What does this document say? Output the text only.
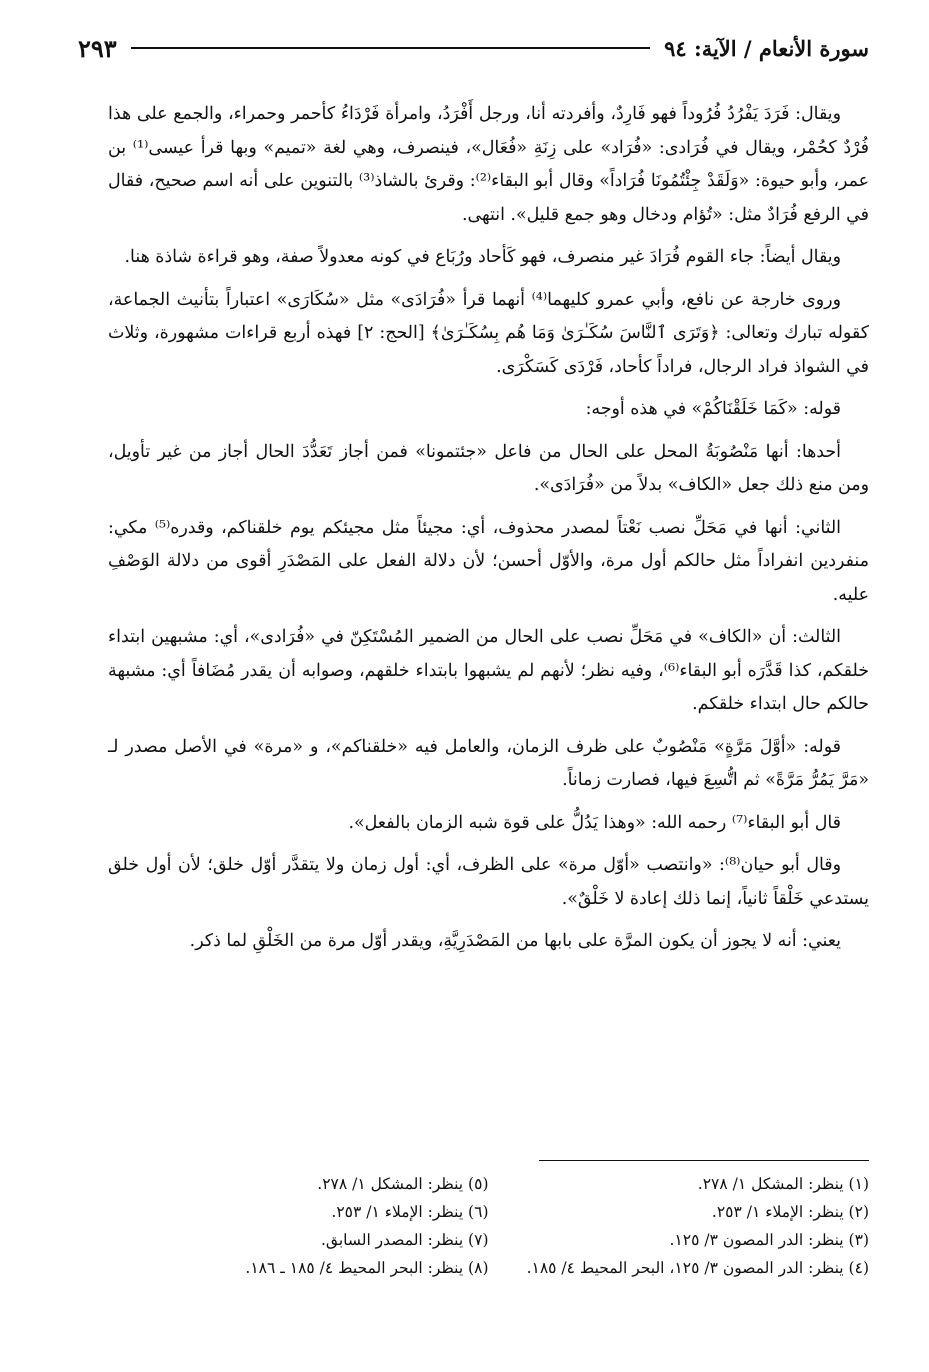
سورة الأنعام / الآية: ٩٤
٢٩٣

ويقال: فَرَدَ يَفْرُدُ فُرُوداً فهو فَارِدٌ، وأفردته أنا، ورجل أَفْرَدُ، وامرأة فَرْدَاءُ كأحمر وحمراء، والجمع على هذا فُرْدٌ كحُمْر، ويقال في فُرَادى: «فُرَاد» على زِنَةِ «فُعَال»، فينصرف، وهي لغة «تميم» وبها قرأ عيسى⁽¹⁾ بن عمر، وأبو حيوة: «وَلَقَدْ جِئْتُمُونَا فُرَاداً» وقال أبو البقاء⁽²⁾: وقرئ بالشاذ⁽³⁾ بالتنوين على أنه اسم صحيح، فقال في الرفع فُرَادٌ مثل: «تُؤام ودخال وهو جمع قليل». انتهى.

ويقال أيضاً: جاء القوم فُرَادَ غير منصرف، فهو كَأحاد ورُبَاع في كونه معدولاً صفة، وهو قراءة شاذة هنا.

وروى خارجة عن نافع، وأبي عمرو كليهما⁽⁴⁾ أنهما قرأ «فُرَادَى» مثل «سُكَارَى» اعتباراً بتأنيث الجماعة، كقوله تبارك وتعالى: ﴿وَتَرَى ٱلنَّاسَ سُكَـٰرَىٰ وَمَا هُم بِسُكَـٰرَىٰ﴾ [الحج: ٢] فهذه أربع قراءات مشهورة، وثلاث في الشواذ فراد الرجال، فراداً كأحاد، فَرْدَى كَسَكْرَى.

قوله: «كَمَا خَلَقْنَاكُمْ» في هذه أوجه:

أحدها: أنها مَنْصُوبَةُ المحل على الحال من فاعل «جئتمونا» فمن أجاز تَعَدُّدَ الحال أجاز من غير تأويل، ومن منع ذلك جعل «الكاف» بدلاً من «فُرَادَى».

الثاني: أنها في مَحَلِّ نصب نَعْتاً لمصدر محذوف، أي: مجيئاً مثل مجيئكم يوم خلقناكم، وقدره⁽⁵⁾ مكي: منفردين انفراداً مثل حالكم أول مرة، والأوّل أحسن؛ لأن دلالة الفعل على المَصْدَرِ أقوى من دلالة الوَصْفِ عليه.

الثالث: أن «الكاف» في مَحَلِّ نصب على الحال من الضمير المُسْتَكِنّ في «فُرَادى»، أي: مشبهين ابتداء خلقكم، كذا قَدَّرَه أبو البقاء⁽⁶⁾، وفيه نظر؛ لأنهم لم يشبهوا بابتداء خلقهم، وصوابه أن يقدر مُضَافاً أي: مشبهة حالكم حال ابتداء خلقكم.

قوله: «أوَّلَ مَرَّةٍ» مَنْصُوبٌ على ظرف الزمان، والعامل فيه «خلقناكم»، و «مرة» في الأصل مصدر لـ «مَرَّ يَمُرُّ مَرَّةً» ثم اتُّسِعَ فيها، فصارت زماناً.

قال أبو البقاء⁽⁷⁾ رحمه الله: «وهذا يَدُلُّ على قوة شبه الزمان بالفعل».

وقال أبو حيان⁽⁸⁾: «وانتصب «أوّل مرة» على الظرف، أي: أول زمان ولا يتقدَّر أوّل خلق؛ لأن أول خلق يستدعي خَلْقاً ثانياً، إنما ذلك إعادة لا خَلْقٌ».

يعني: أنه لا يجوز أن يكون المرَّة على بابها من المَصْدَرِيَّةِ، ويقدر أوّل مرة من الخَلْقِ لما ذكر.

(١) ينظر: المشكل ١/ ٢٧٨.
(٥) ينظر: المشكل ١/ ٢٧٨.
(٢) ينظر: الإملاء ١/ ٢٥٣.
(٦) ينظر: الإملاء ١/ ٢٥٣.
(٣) ينظر: الدر المصون ٣/ ١٢٥.
(٧) ينظر: المصدر السابق.
(٤) ينظر: الدر المصون ٣/ ١٢٥، البحر المحيط ٤/ ١٨٥.
(٨) ينظر: البحر المحيط ٤/ ١٨٥ ـ ١٨٦.
